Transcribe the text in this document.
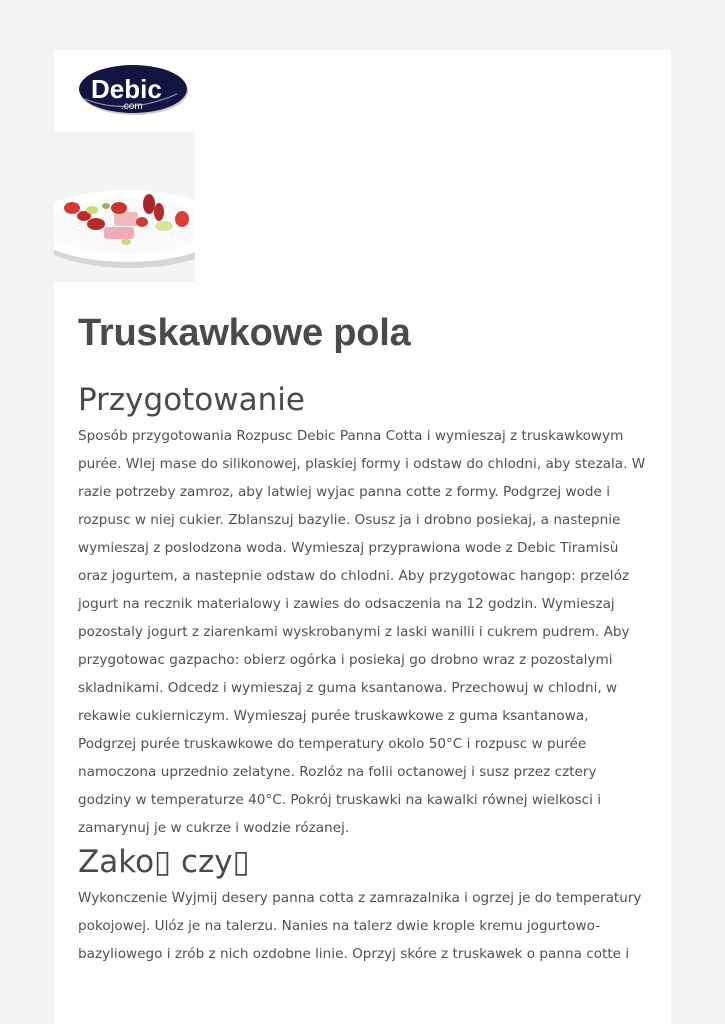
Debic
.com
Truskawkowe pola
Przygotowanie

Sposób przygotowania Rozpusc Debic Panna Cotta i wymieszaj z truskawkowym purée. Wlej mase do silikonowej, plaskiej formy i odstaw do chlodni, aby stezala. W razie potrzeby zamroz, aby latwiej wyjac panna cotte z formy. Podgrzej wode i rozpusc w niej cukier. Zblanszuj bazylie. Osusz ja i drobno posiekaj, a nastepnie wymieszaj z poslodzona woda. Wymieszaj przyprawiona wode z Debic Tiramisù oraz jogurtem, a nastepnie odstaw do chlodni. Aby przygotowac hangop: przelóz jogurt na recznik materialowy i zawies do odsaczenia na 12 godzin. Wymieszaj pozostaly jogurt z ziarenkami wyskrobanymi z laski wanilii i cukrem pudrem. Aby przygotowac gazpacho: obierz ogórka i posiekaj go drobno wraz z pozostalymi skladnikami. Odcedz i wymieszaj z guma ksantanowa. Przechowuj w chlodni, w rekawie cukierniczym. Wymieszaj purée truskawkowe z guma ksantanowa, Podgrzej purée truskawkowe do temperatury okolo 50°C i rozpusc w purée namoczona uprzednio zelatyne. Rozlóz na folii octanowej i susz przez cztery godziny w temperaturze 40°C. Pokrój truskawki na kawalki równej wielkosci i zamarynuj je w cukrze i wodzie rózanej.

Zako▯ czy▯

Wykonczenie Wyjmij desery panna cotta z zamrazalnika i ogrzej je do temperatury pokojowej. Ulóz je na talerzu. Nanies na talerz dwie krople kremu jogurtowo-bazyliowego i zrób z nich ozdobne linie. Oprzyj skóre z truskawek o panna cotte i
